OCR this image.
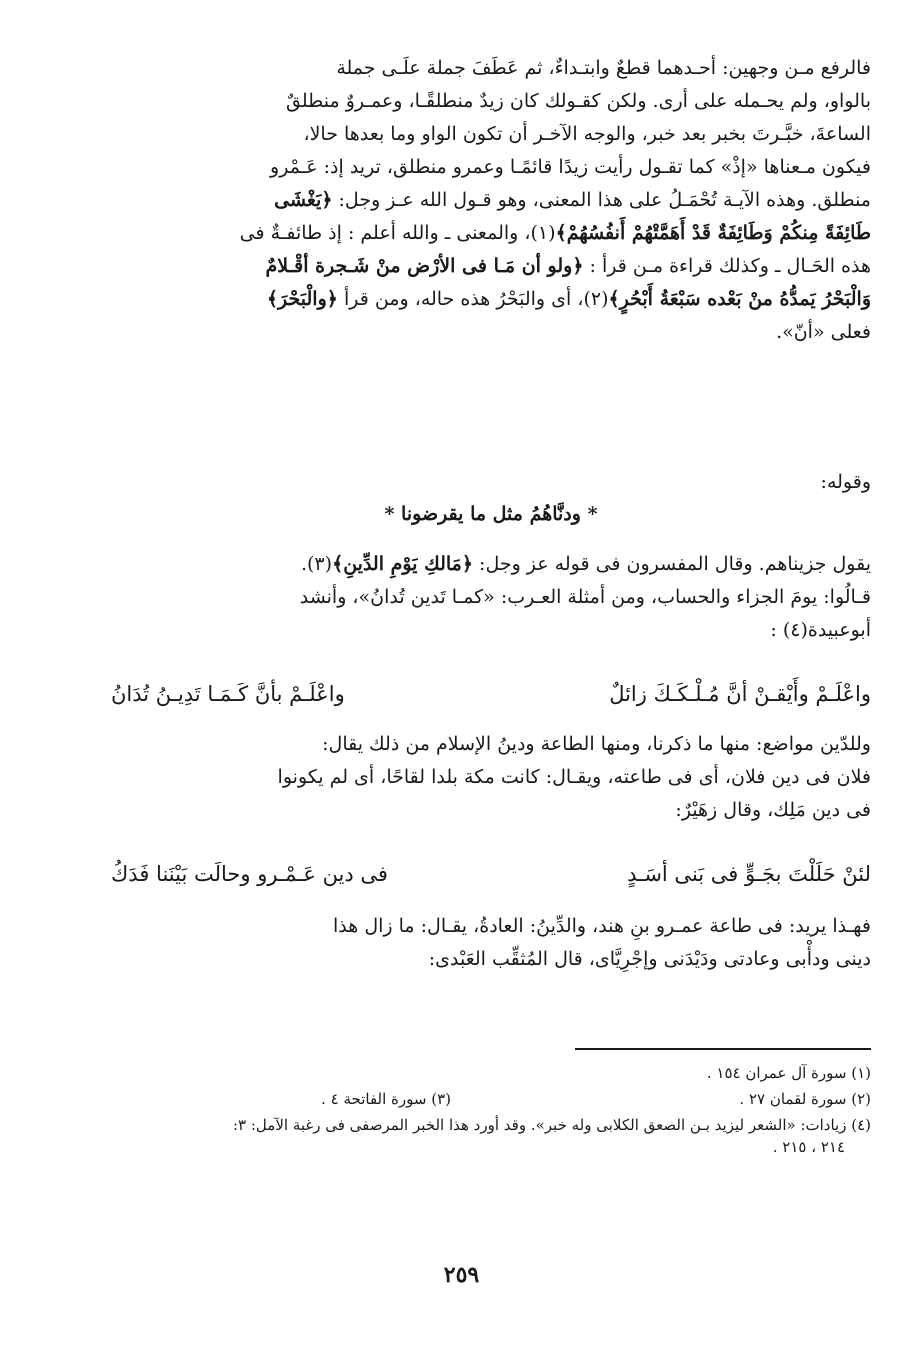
فالرفع مـن وجهين: أحـدهما قطعٌ وابتـداءٌ، ثم عَطَفَ جملة علَـى جملة

بالواو، ولم يحـمله على أرى. ولكن كقـولك كان زيدٌ منطلقًـا، وعمـروٌ منطلقٌ

الساعةَ، خبَّـرتَ بخبر بعد خبر، والوجه الآخـر أن تكون الواو وما بعدها حالا،

فيكون مـعناها «إذْ» كما تقـول رأيت زيدًا قائمًـا وعمرو منطلق، تريد إذ: عَـمْرو

منطلق. وهذه الآيـة تُحْمَـلُ على هذا المعنى، وهو قـول الله عـز وجل: ﴿يَغْشَى

طَائِفَةً مِنكُمْ وَطَائِفَةٌ قَدْ أَهَمَّتْهُمْ أَنفُسُهُمْ﴾(١)، والمعنى ـ والله أعلم : إذ طائفـةٌ فى

هذه الحَـال ـ وكذلك قراءة مـن قرأ : ﴿ولو أن مَـا فى الأرْض منْ شَـجرة أقْـلامٌ

وَالْبَحْرُ يَمدُّهُ منْ بَعْده سَبْعَةُ أَبْحُرٍ﴾(٢)، أى والبَحْرُ هذه حاله، ومن قرأ ﴿والْبَحْرَ﴾

فعلى «أنّ».

وقوله:

* ودنَّاهُمُ مثل ما يقرضونا *

يقول جزيناهم. وقال المفسرون فى قوله عز وجل: ﴿مَالكِ يَوْمِ الدِّينِ﴾(٣).

قـالُوا: يومَ الجزاء والحساب، ومن أمثلة العـرب: «كمـا تَدين تُدانُ»، وأنشد

أبوعبيدة(٤) :

واعْلَـمْ وأَيْقـنْ أنَّ مُـلْـكَـكَ زائلٌ
واعْلَـمْ بأنَّ كَـمَـا تَدِيـنُ تُدَانُ

وللدّين مواضع: منها ما ذكرنا، ومنها الطاعة ودينُ الإسلام من ذلك يقال:

فلان فى دين فلان، أى فى طاعته، ويقـال: كانت مكة بلدا لقاحًا، أى لم يكونوا

فى دين مَلِك، وقال زهَيْرٌ:

لئنْ حَلَلْتَ بجَـوٍّ فى بَنى أسَـدٍ
فى دين عَـمْـرو وحالَت بَيْنَنا فَدَكُ

فهـذا يريد: فى طاعة عمـرو بنِ هند، والدِّينُ: العادةُ، يقـال: ما زال هذا

دينى ودأْبى وعادتى ودَيْدَنى وإجْرِيَّاى، قال المُثقِّب العَبْدى:

(١) سورة آل عمران ١٥٤ .
(٢) سورة لقمان ٢٧ .
(٣) سورة الفاتحة ٤ .
(٤) زيادات: «الشعر ليزيد بـن الصعق الكلابى وله خبر». وقد أورد هذا الخبر المرصفى فى رغبة الآمل: ٣:
٢١٤ ، ٢١٥ .
٢٥٩
